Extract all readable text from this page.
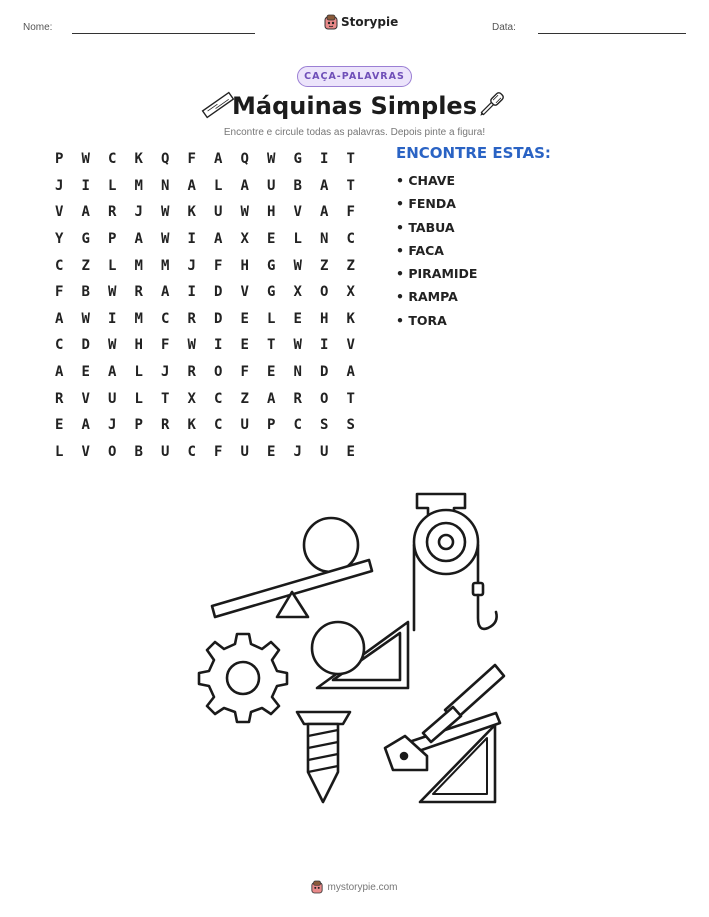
Nome:	Storypie	Data:
CAÇA-PALAVRAS
Máquinas Simples
Encontre e circule todas as palavras. Depois pinte a figura!
P	W	C	K	Q	F	A	Q	W	G	I	T
J	I	L	M	N	A	L	A	U	B	A	T
V	A	R	J	W	K	U	W	H	V	A	F
Y	G	P	A	W	I	A	X	E	L	N	C
C	Z	L	M	M	J	F	H	G	W	Z	Z
F	B	W	R	A	I	D	V	G	X	O	X
A	W	I	M	C	R	D	E	L	E	H	K
C	D	W	H	F	W	I	E	T	W	I	V
A	E	A	L	J	R	O	F	E	N	D	A
R	V	U	L	T	X	C	Z	A	R	O	T
E	A	J	P	R	K	C	U	P	C	S	S
L	V	O	B	U	C	F	U	E	J	U	E
ENCONTRE ESTAS:
• CHAVE
• FENDA
• TABUA
• FACA
• PIRAMIDE
• RAMPA
• TORA
mystorypie.com
